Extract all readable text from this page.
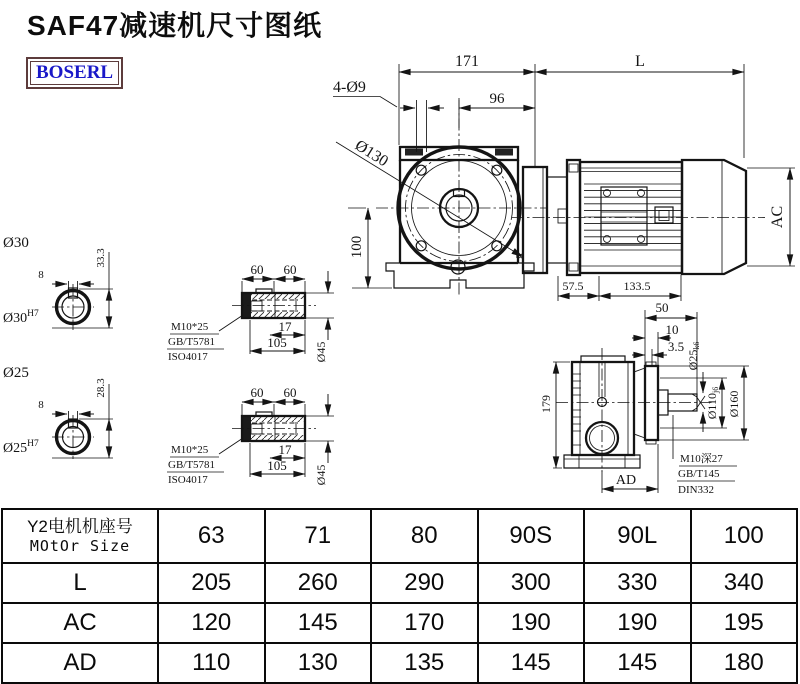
SAF47减速机尺寸图纸
BOSERL
Ø130
8
171	L
96
4-Ø9
100
AC
57.5	133.5
50
10
3.5
Ø25k6
Ø110j6
Ø160
179
AD
M10深27
GB/T145
DIN332
60 60
17
105 Ø45
M10*25
GB/T5781
ISO4017
60 60
17
105 Ø45
M10*25
GB/T5781
ISO4017
Ø30
8
33.3
$Ø30^{H7}$
Ø25
8
28.3
$Ø25^{H7}$
Y2电机机座号
MOtOr Size	63	71	80	90S	90L	100
L	205	260	290	300	330	340
AC	120	145	170	190	190	195
AD	110	130	135	145	145	180
